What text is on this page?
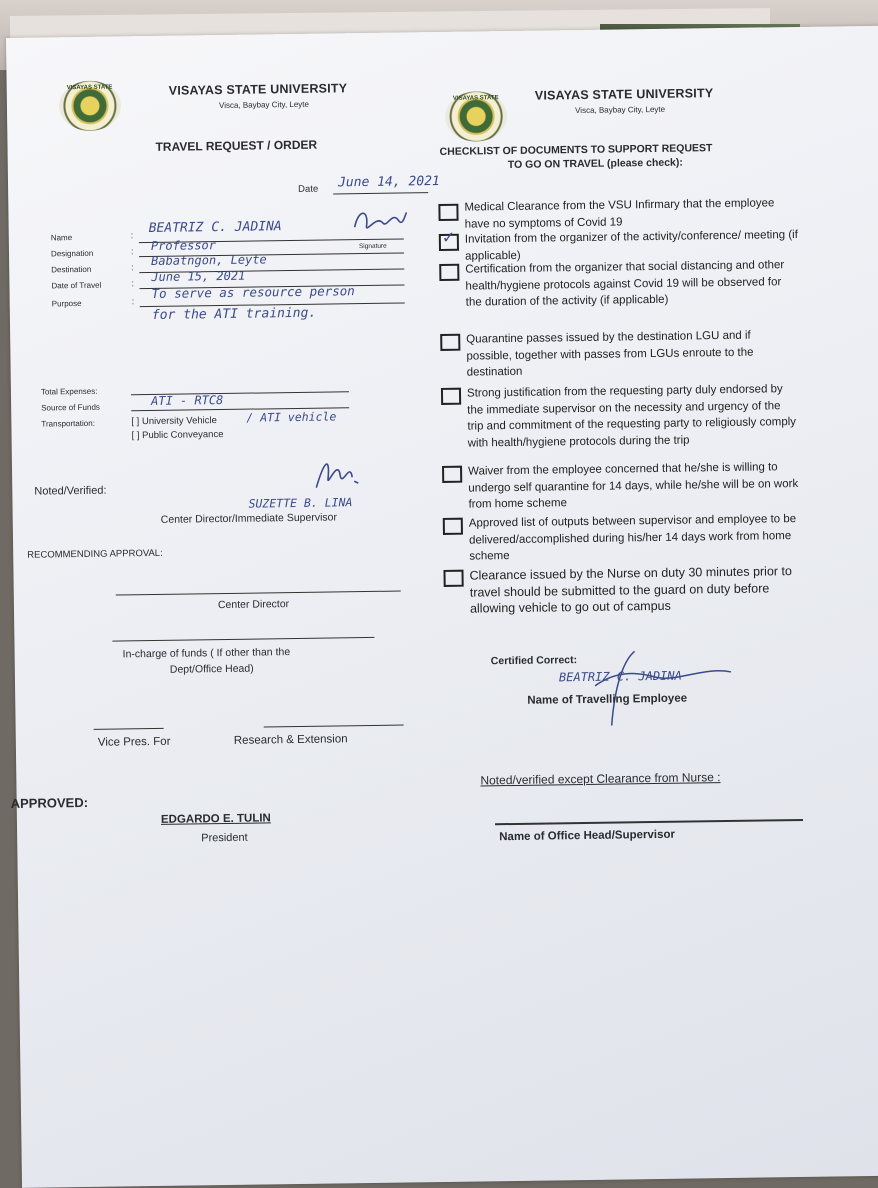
VISAYAS STATE	VISAYAS STATE UNIVERSITY
Visca, Baybay City, Leyte
TRAVEL REQUEST / ORDER
Date June 14, 2021
Name	: BEATRIZ C. JADINA
Signature
Designation	: Professor
Destination	: Babatngon, Leyte
Date of Travel	: June 15, 2021
Purpose	:
To serve as resource person
for the ATI training.
Total Expenses:
Source of Funds	ATI - RTC8
Transportation:	[ ] University Vehicle	/ ATI vehicle
[ ] Public Conveyance
Noted/Verified:
SUZETTE B. LINA
Center Director/Immediate Supervisor
RECOMMENDING APPROVAL:
Center Director
In-charge of funds ( If other than the
Dept/Office Head)
Vice Pres. For	Research & Extension
APPROVED:
EDGARDO E. TULIN
President
VISAYAS STATE	VISAYAS STATE UNIVERSITY
Visca, Baybay City, Leyte
CHECKLIST OF DOCUMENTS TO SUPPORT REQUEST
TO GO ON TRAVEL (please check):
Medical Clearance from the VSU Infirmary that the employee have no symptoms of Covid 19
✓ Invitation from the organizer of the activity/conference/ meeting (if applicable)
Certification from the organizer that social distancing and other health/hygiene protocols against Covid 19 will be observed for the duration of the activity (if applicable)
Quarantine passes issued by the destination LGU and if possible, together with passes from LGUs enroute to the destination
Strong justification from the requesting party duly endorsed by the immediate supervisor on the necessity and urgency of the trip and commitment of the requesting party to religiously comply with health/hygiene protocols during the trip
Waiver from the employee concerned that he/she is willing to undergo self quarantine for 14 days, while he/she will be on work from home scheme
Approved list of outputs between supervisor and employee to be delivered/accomplished during his/her 14 days work from home scheme
Clearance issued by the Nurse on duty 30 minutes prior to travel should be submitted to the guard on duty before allowing vehicle to go out of campus
Certified Correct:
BEATRIZ C. JADINA
Name of Travelling Employee
Noted/verified except Clearance from Nurse :
Name of Office Head/Supervisor
